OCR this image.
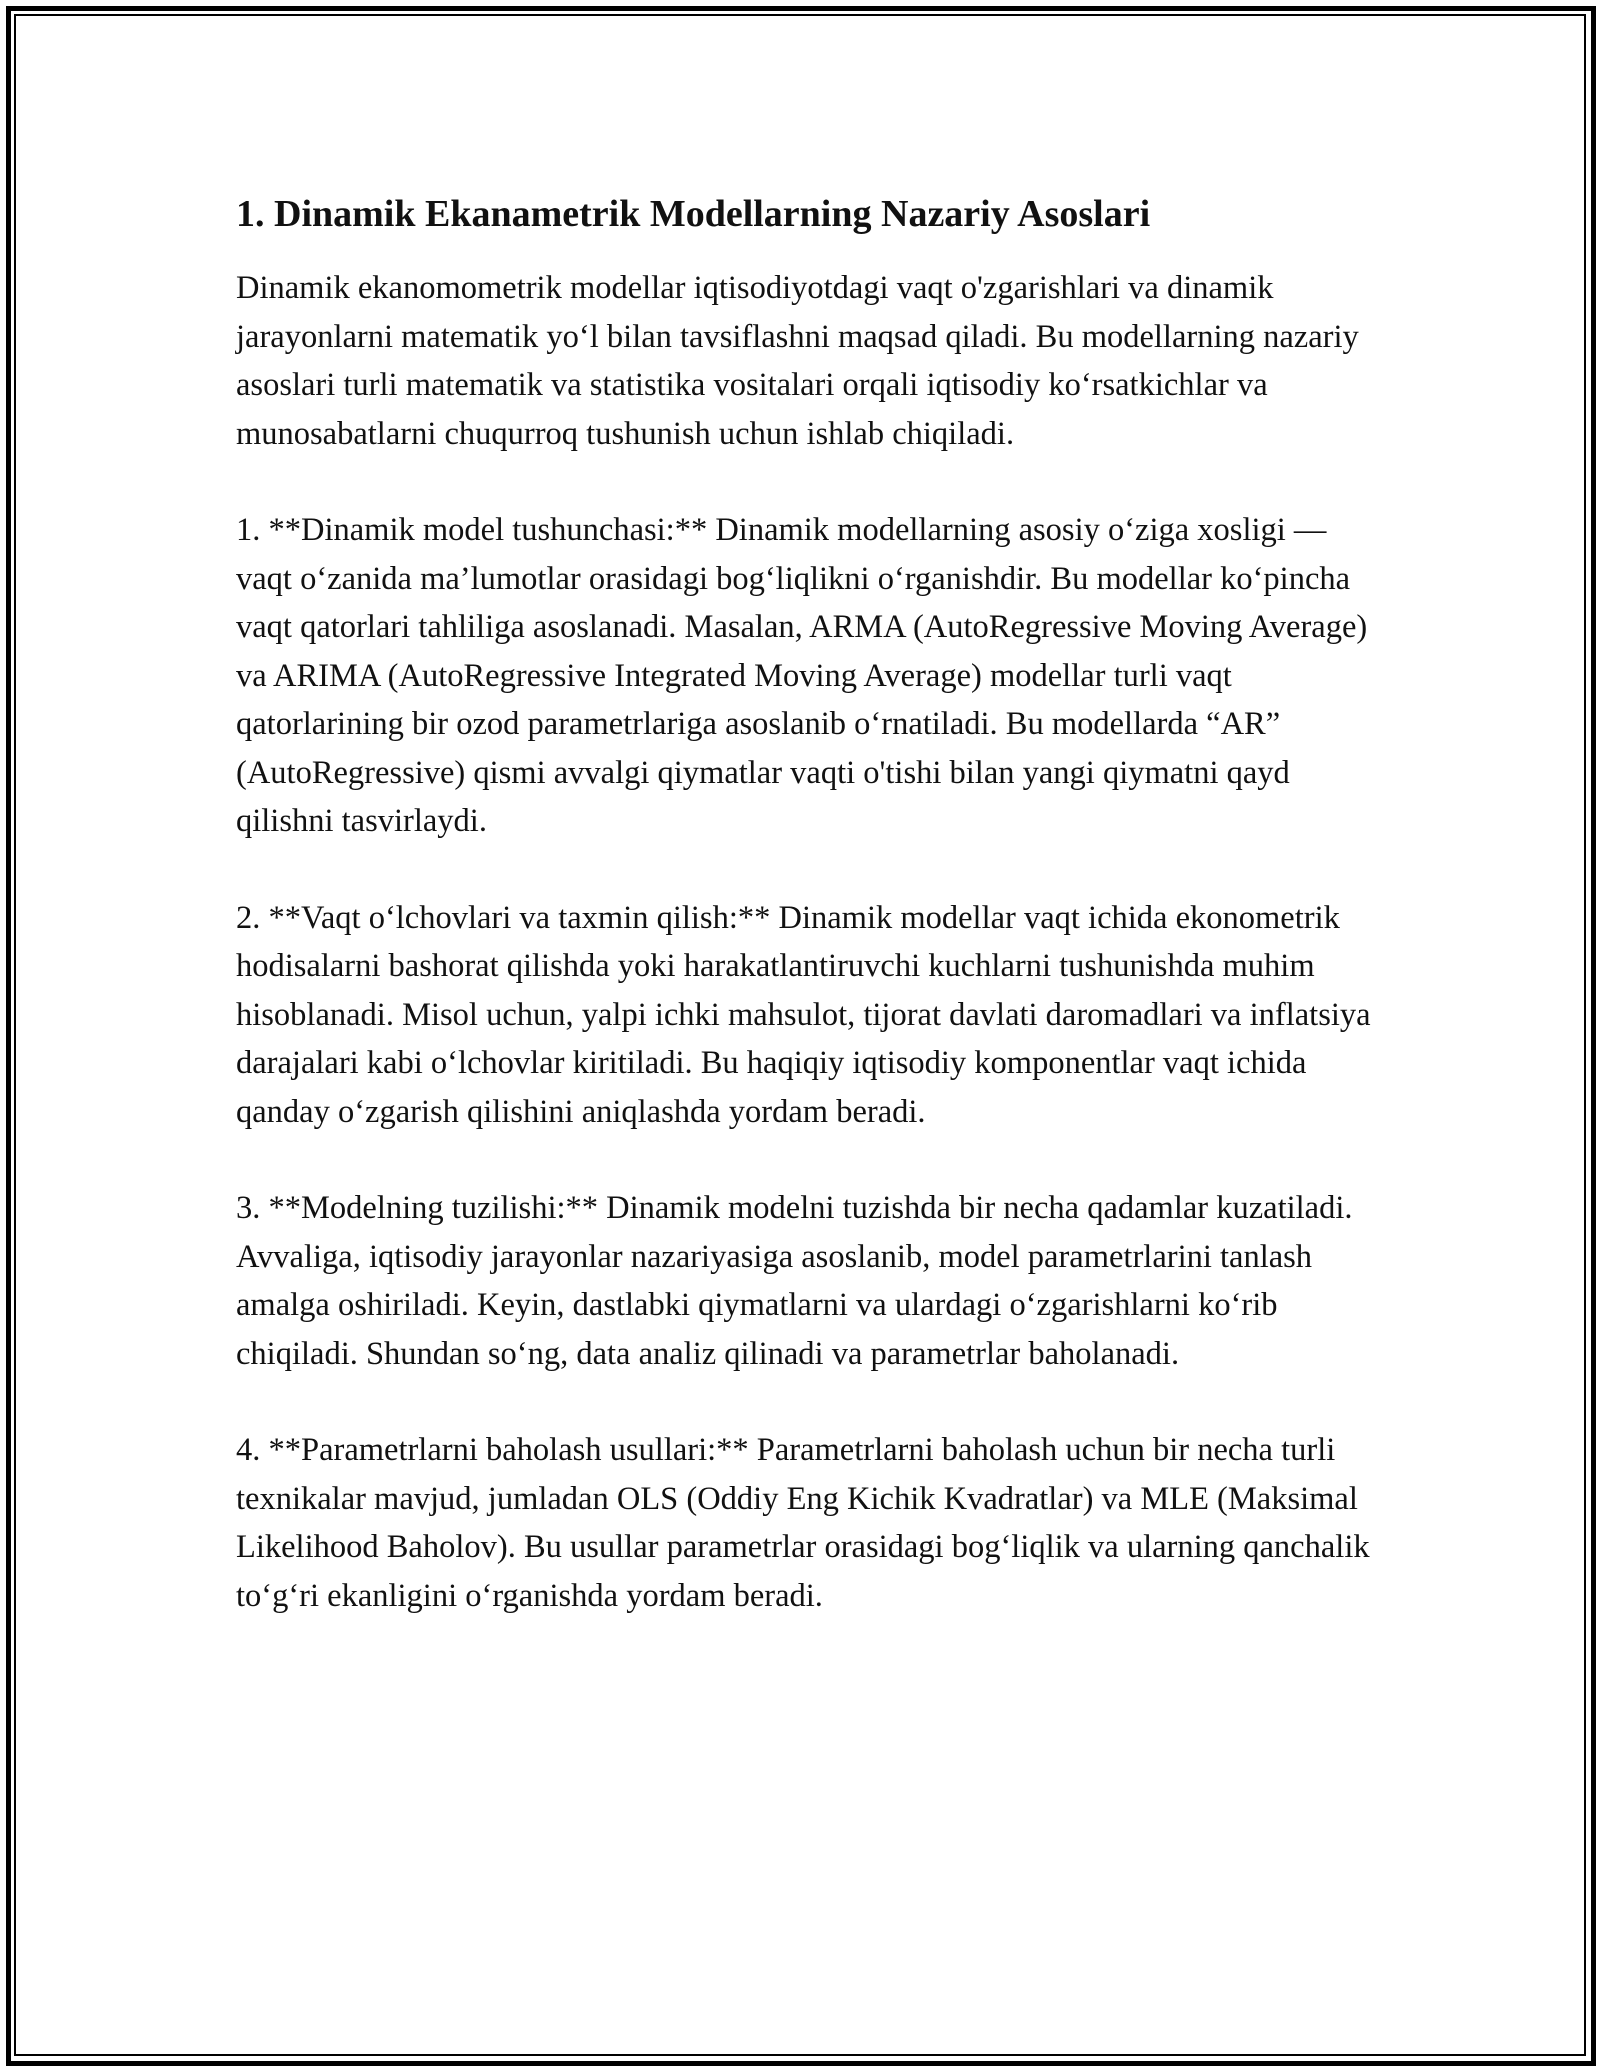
1. Dinamik Ekanametrik Modellarning Nazariy Asoslari

Dinamik ekanomometrik modellar iqtisodiyotdagi vaqt o'zgarishlari va dinamik jarayonlarni matematik yo‘l bilan tavsiflashni maqsad qiladi. Bu modellarning nazariy asoslari turli matematik va statistika vositalari orqali iqtisodiy ko‘rsatkichlar va munosabatlarni chuqurroq tushunish uchun ishlab chiqiladi.

1. **Dinamik model tushunchasi:** Dinamik modellarning asosiy o‘ziga xosligi — vaqt o‘zanida ma’lumotlar orasidagi bog‘liqlikni o‘rganishdir. Bu modellar ko‘pincha vaqt qatorlari tahliliga asoslanadi. Masalan, ARMA (AutoRegressive Moving Average) va ARIMA (AutoRegressive Integrated Moving Average) modellar turli vaqt qatorlarining bir ozod parametrlariga asoslanib o‘rnatiladi. Bu modellarda “AR” (AutoRegressive) qismi avvalgi qiymatlar vaqti o'tishi bilan yangi qiymatni qayd qilishni tasvirlaydi.

2. **Vaqt o‘lchovlari va taxmin qilish:** Dinamik modellar vaqt ichida ekonometrik hodisalarni bashorat qilishda yoki harakatlantiruvchi kuchlarni tushunishda muhim hisoblanadi. Misol uchun, yalpi ichki mahsulot, tijorat davlati daromadlari va inflatsiya darajalari kabi o‘lchovlar kiritiladi. Bu haqiqiy iqtisodiy komponentlar vaqt ichida qanday o‘zgarish qilishini aniqlashda yordam beradi.

3. **Modelning tuzilishi:** Dinamik modelni tuzishda bir necha qadamlar kuzatiladi. Avvaliga, iqtisodiy jarayonlar nazariyasiga asoslanib, model parametrlarini tanlash amalga oshiriladi. Keyin, dastlabki qiymatlarni va ulardagi o‘zgarishlarni ko‘rib chiqiladi. Shundan so‘ng, data analiz qilinadi va parametrlar baholanadi.

4. **Parametrlarni baholash usullari:** Parametrlarni baholash uchun bir necha turli texnikalar mavjud, jumladan OLS (Oddiy Eng Kichik Kvadratlar) va MLE (Maksimal Likelihood Baholov). Bu usullar parametrlar orasidagi bog‘liqlik va ularning qanchalik to‘g‘ri ekanligini o‘rganishda yordam beradi.
